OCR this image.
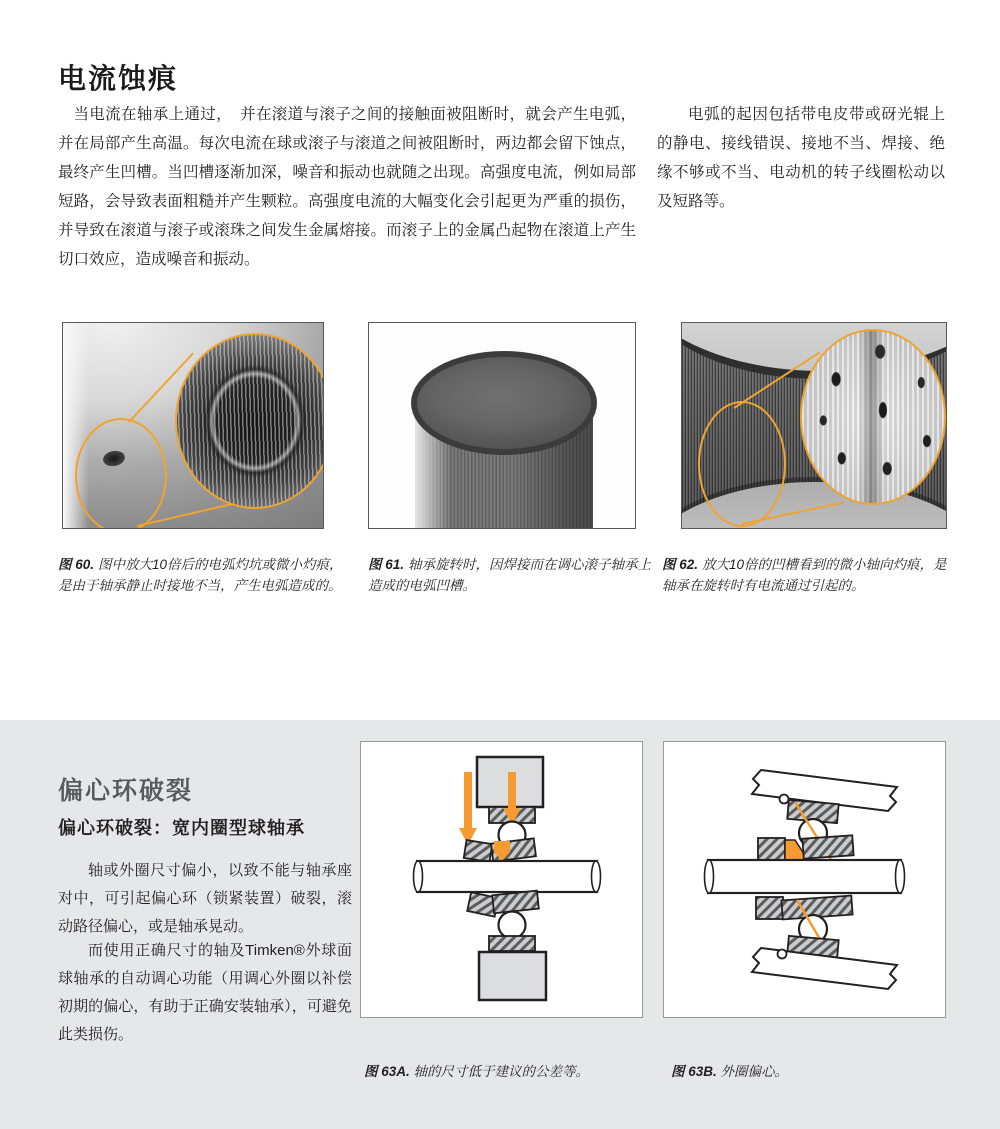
电流蚀痕

当电流在轴承上通过，　并在滚道与滚子之间的接触面被阻断时，就会产生电弧，并在局部产生高温。每次电流在球或滚子与滚道之间被阻断时，两边都会留下蚀点，最终产生凹槽。当凹槽逐渐加深，噪音和振动也就随之出现。高强度电流，例如局部短路，会导致表面粗糙并产生颗粒。高强度电流的大幅变化会引起更为严重的损伤，并导致在滚道与滚子或滚珠之间发生金属熔接。而滚子上的金属凸起物在滚道上产生切口效应，造成噪音和振动。

电弧的起因包括带电皮带或砑光辊上的静电、接线错误、接地不当、焊接、绝缘不够或不当、电动机的转子线圈松动以及短路等。

图 60. 图中放大10倍后的电弧灼坑或微小灼痕，是由于轴承静止时接地不当，产生电弧造成的。

图 61. 轴承旋转时，因焊接而在调心滚子轴承上造成的电弧凹槽。

图 62. 放大10倍的凹槽看到的微小轴向灼痕，是轴承在旋转时有电流通过引起的。

偏心环破裂
偏心环破裂：宽内圈型球轴承

轴或外圈尺寸偏小，以致不能与轴承座对中，可引起偏心环（锁紧装置）破裂，滚动路径偏心，或是轴承晃动。

而使用正确尺寸的轴及Timken®外球面球轴承的自动调心功能（用调心外圈以补偿初期的偏心，有助于正确安装轴承），可避免此类损伤。

图 63A. 轴的尺寸低于建议的公差等。	图 63B. 外圈偏心。
